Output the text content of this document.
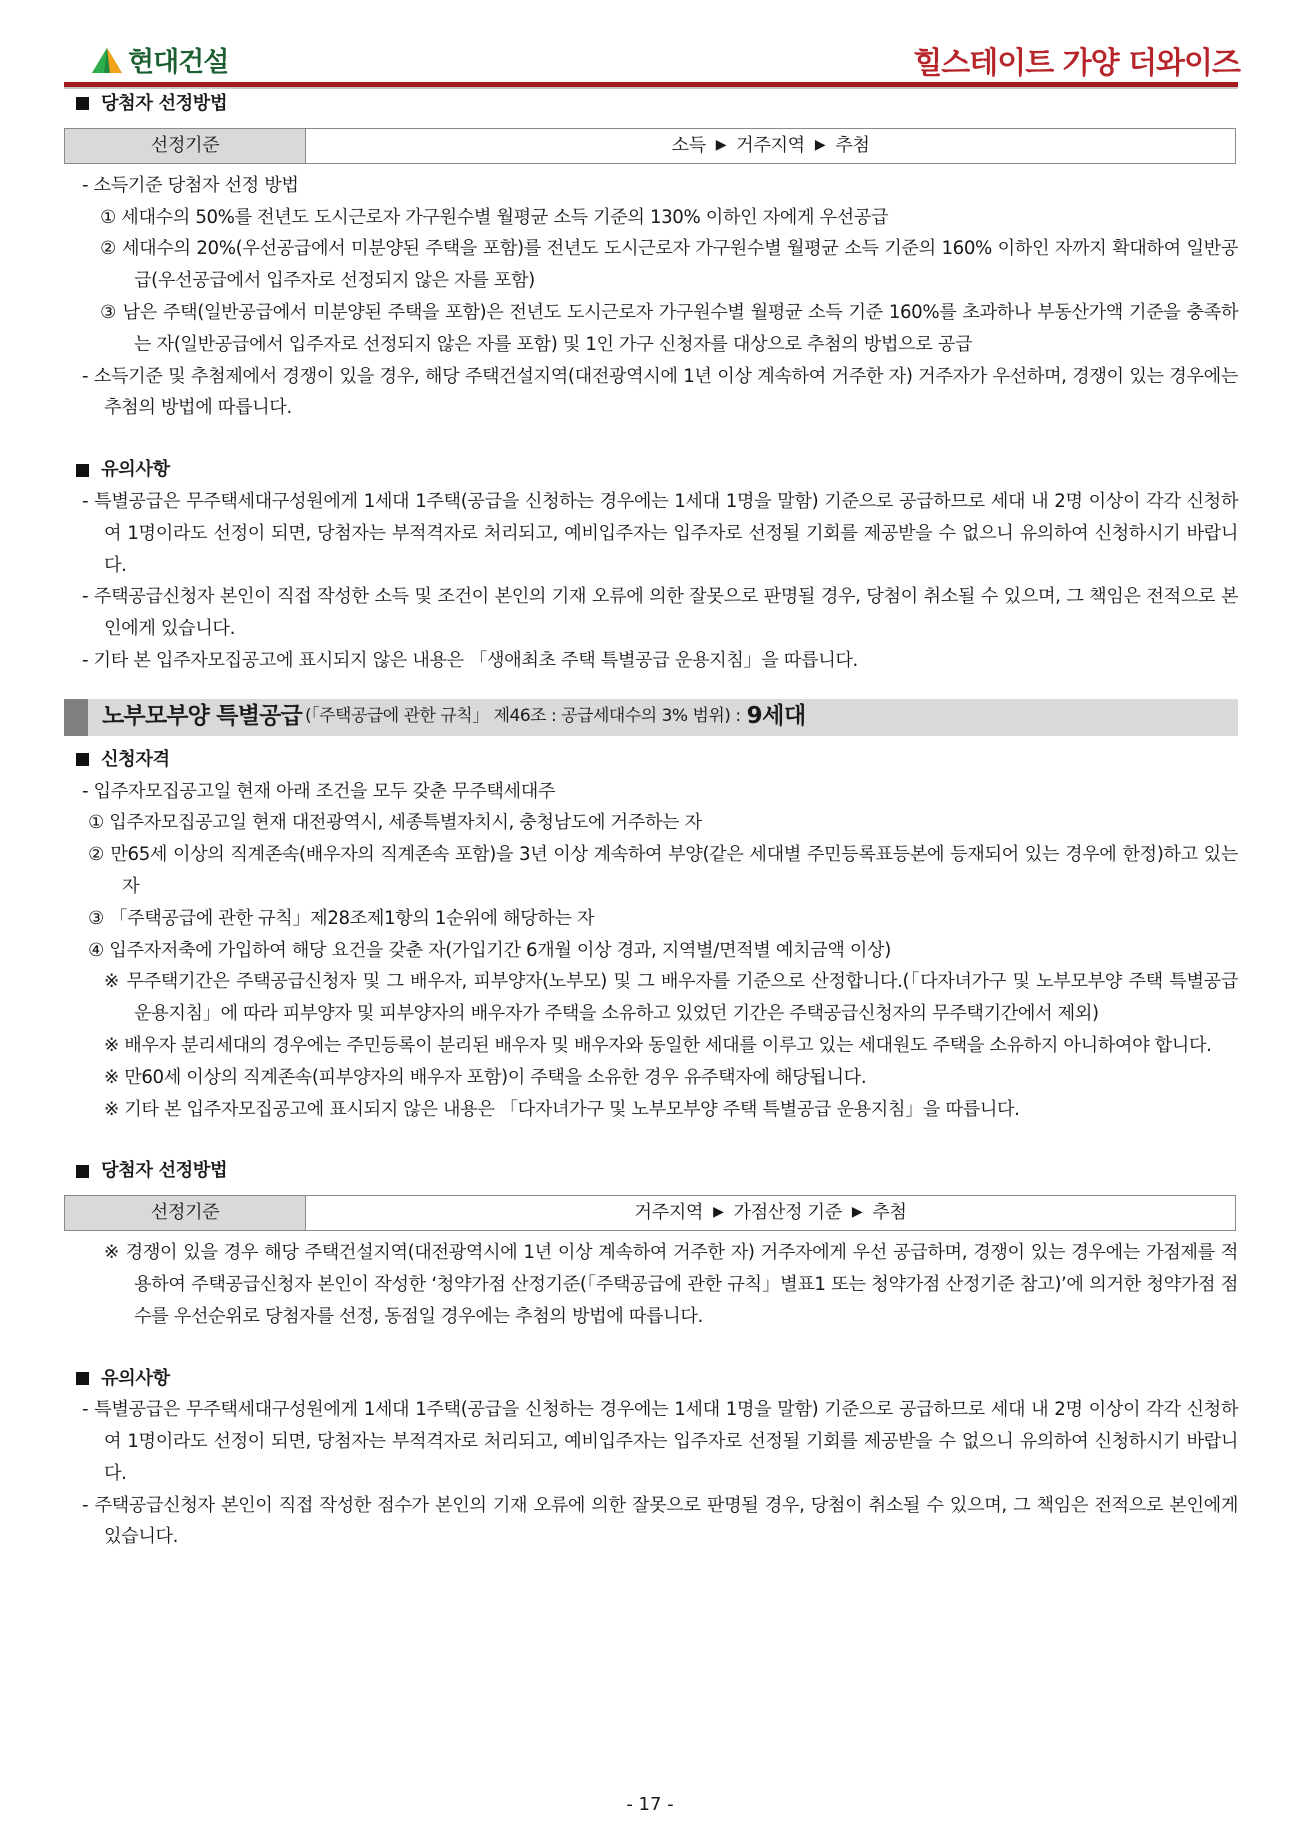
현대건설	힐스테이트 가양 더와이즈
당첨자 선정방법
선정기준	소득 ▶ 거주지역 ▶ 추첨
- 소득기준 당첨자 선정 방법
① 세대수의 50%를 전년도 도시근로자 가구원수별 월평균 소득 기준의 130% 이하인 자에게 우선공급
② 세대수의 20%(우선공급에서 미분양된 주택을 포함)를 전년도 도시근로자 가구원수별 월평균 소득 기준의 160% 이하인 자까지 확대하여 일반공급(우선공급에서 입주자로 선정되지 않은 자를 포함)
③ 남은 주택(일반공급에서 미분양된 주택을 포함)은 전년도 도시근로자 가구원수별 월평균 소득 기준 160%를 초과하나 부동산가액 기준을 충족하는 자(일반공급에서 입주자로 선정되지 않은 자를 포함) 및 1인 가구 신청자를 대상으로 추첨의 방법으로 공급
- 소득기준 및 추첨제에서 경쟁이 있을 경우, 해당 주택건설지역(대전광역시에 1년 이상 계속하여 거주한 자) 거주자가 우선하며, 경쟁이 있는 경우에는 추첨의 방법에 따릅니다.
유의사항
- 특별공급은 무주택세대구성원에게 1세대 1주택(공급을 신청하는 경우에는 1세대 1명을 말함) 기준으로 공급하므로 세대 내 2명 이상이 각각 신청하여 1명이라도 선정이 되면, 당첨자는 부적격자로 처리되고, 예비입주자는 입주자로 선정될 기회를 제공받을 수 없으니 유의하여 신청하시기 바랍니다.
- 주택공급신청자 본인이 직접 작성한 소득 및 조건이 본인의 기재 오류에 의한 잘못으로 판명될 경우, 당첨이 취소될 수 있으며, 그 책임은 전적으로 본인에게 있습니다.
- 기타 본 입주자모집공고에 표시되지 않은 내용은 「생애최초 주택 특별공급 운용지침」을 따릅니다.
노부모부양 특별공급 (「주택공급에 관한 규칙」 제46조 : 공급세대수의 3% 범위) : 9세대
신청자격
- 입주자모집공고일 현재 아래 조건을 모두 갖춘 무주택세대주
① 입주자모집공고일 현재 대전광역시, 세종특별자치시, 충청남도에 거주하는 자
② 만65세 이상의 직계존속(배우자의 직계존속 포함)을 3년 이상 계속하여 부양(같은 세대별 주민등록표등본에 등재되어 있는 경우에 한정)하고 있는 자
③ 「주택공급에 관한 규칙」제28조제1항의 1순위에 해당하는 자
④ 입주자저축에 가입하여 해당 요건을 갖춘 자(가입기간 6개월 이상 경과, 지역별/면적별 예치금액 이상)
※ 무주택기간은 주택공급신청자 및 그 배우자, 피부양자(노부모) 및 그 배우자를 기준으로 산정합니다.(「다자녀가구 및 노부모부양 주택 특별공급 운용지침」에 따라 피부양자 및 피부양자의 배우자가 주택을 소유하고 있었던 기간은 주택공급신청자의 무주택기간에서 제외)
※ 배우자 분리세대의 경우에는 주민등록이 분리된 배우자 및 배우자와 동일한 세대를 이루고 있는 세대원도 주택을 소유하지 아니하여야 합니다.
※ 만60세 이상의 직계존속(피부양자의 배우자 포함)이 주택을 소유한 경우 유주택자에 해당됩니다.
※ 기타 본 입주자모집공고에 표시되지 않은 내용은 「다자녀가구 및 노부모부양 주택 특별공급 운용지침」을 따릅니다.
당첨자 선정방법
선정기준	거주지역 ▶ 가점산정 기준 ▶ 추첨
※ 경쟁이 있을 경우 해당 주택건설지역(대전광역시에 1년 이상 계속하여 거주한 자) 거주자에게 우선 공급하며, 경쟁이 있는 경우에는 가점제를 적용하여 주택공급신청자 본인이 작성한 ‘청약가점 산정기준(「주택공급에 관한 규칙」별표1 또는 청약가점 산정기준 참고)’에 의거한 청약가점 점수를 우선순위로 당첨자를 선정, 동점일 경우에는 추첨의 방법에 따릅니다.
유의사항
- 특별공급은 무주택세대구성원에게 1세대 1주택(공급을 신청하는 경우에는 1세대 1명을 말함) 기준으로 공급하므로 세대 내 2명 이상이 각각 신청하여 1명이라도 선정이 되면, 당첨자는 부적격자로 처리되고, 예비입주자는 입주자로 선정될 기회를 제공받을 수 없으니 유의하여 신청하시기 바랍니다.
- 주택공급신청자 본인이 직접 작성한 점수가 본인의 기재 오류에 의한 잘못으로 판명될 경우, 당첨이 취소될 수 있으며, 그 책임은 전적으로 본인에게 있습니다.
- 17 -
